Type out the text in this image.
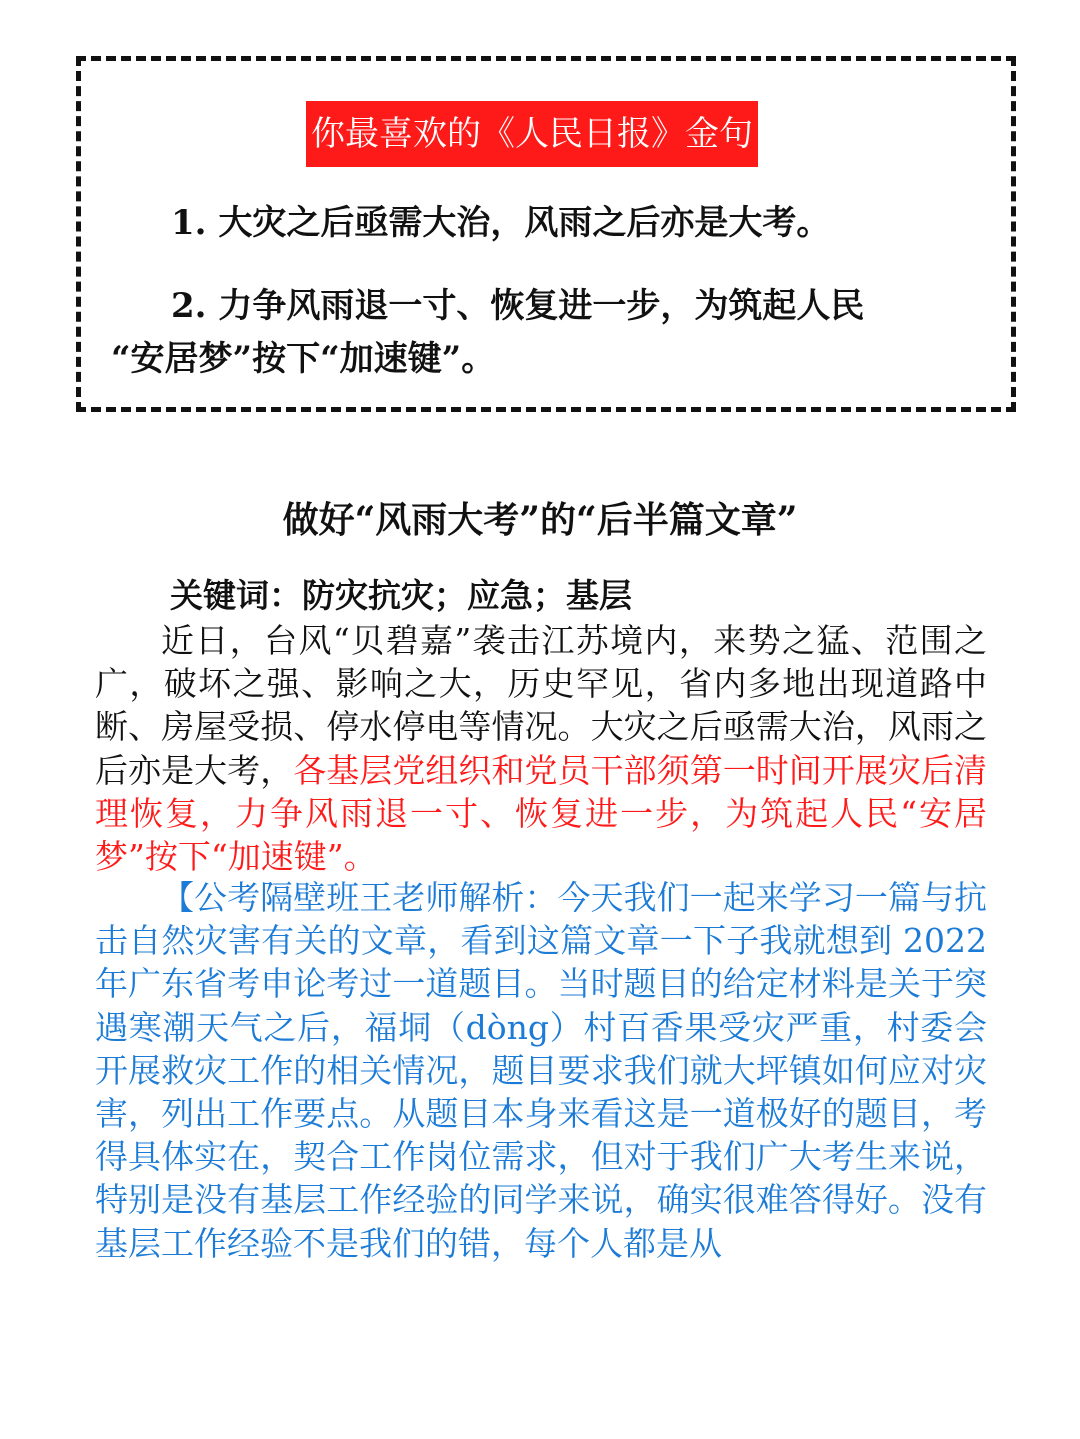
你最喜欢的《人民日报》金句
1. 大灾之后亟需大治，风雨之后亦是大考。
2. 力争风雨退一寸、恢复进一步，为筑起人民
“安居梦”按下“加速键”。
做好“风雨大考”的“后半篇文章”
关键词：防灾抗灾；应急；基层

近日，台风“贝碧嘉”袭击江苏境内，来势之猛、范围之广，破坏之强、影响之大，历史罕见，省内多地出现道路中断、房屋受损、停水停电等情况。大灾之后亟需大治，风雨之后亦是大考，各基层党组织和党员干部须第一时间开展灾后清理恢复，力争风雨退一寸、恢复进一步，为筑起人民“安居梦”按下“加速键”。

【公考隔壁班王老师解析：今天我们一起来学习一篇与抗击自然灾害有关的文章，看到这篇文章一下子我就想到 2022 年广东省考申论考过一道题目。当时题目的给定材料是关于突遇寒潮天气之后，福垌（dòng）村百香果受灾严重，村委会开展救灾工作的相关情况，题目要求我们就大坪镇如何应对灾害，列出工作要点。从题目本身来看这是一道极好的题目，考得具体实在，契合工作岗位需求，但对于我们广大考生来说，特别是没有基层工作经验的同学来说，确实很难答得好。没有基层工作经验不是我们的错，每个人都是从
